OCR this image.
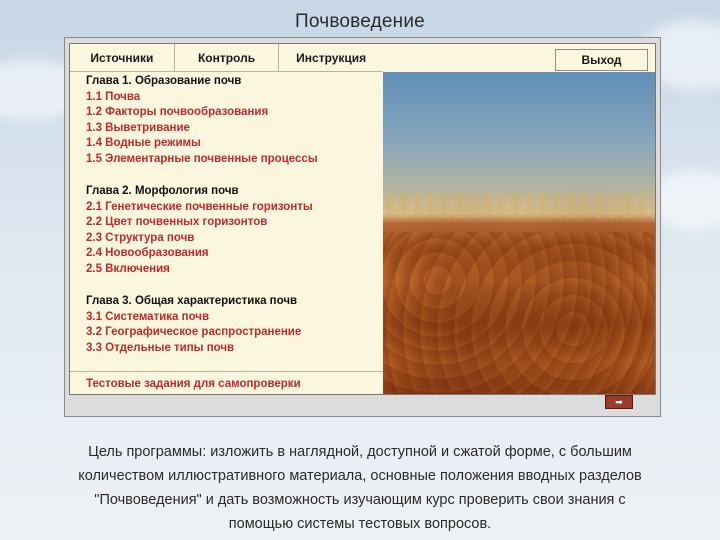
Почвоведение
Источники	Контроль	Инструкция	Выход
Глава 1. Образование почв
1.1 Почва
1.2 Факторы почвообразования
1.3 Выветривание
1.4 Водные режимы
1.5 Элементарные почвенные процессы
Глава 2. Морфология почв
2.1 Генетические почвенные горизонты
2.2 Цвет почвенных горизонтов
2.3 Структура почв
2.4 Новообразования
2.5 Включения
Глава 3. Общая характеристика почв
3.1 Систематика почв
3.2 Географическое распространение
3.3 Отдельные типы почв
Тестовые задания для самопроверки
➡
Цель программы: изложить в наглядной, доступной и сжатой форме, с большим количеством иллюстративного материала, основные положения вводных разделов "Почвоведения" и дать возможность изучающим курс проверить свои знания с помощью системы тестовых вопросов.
